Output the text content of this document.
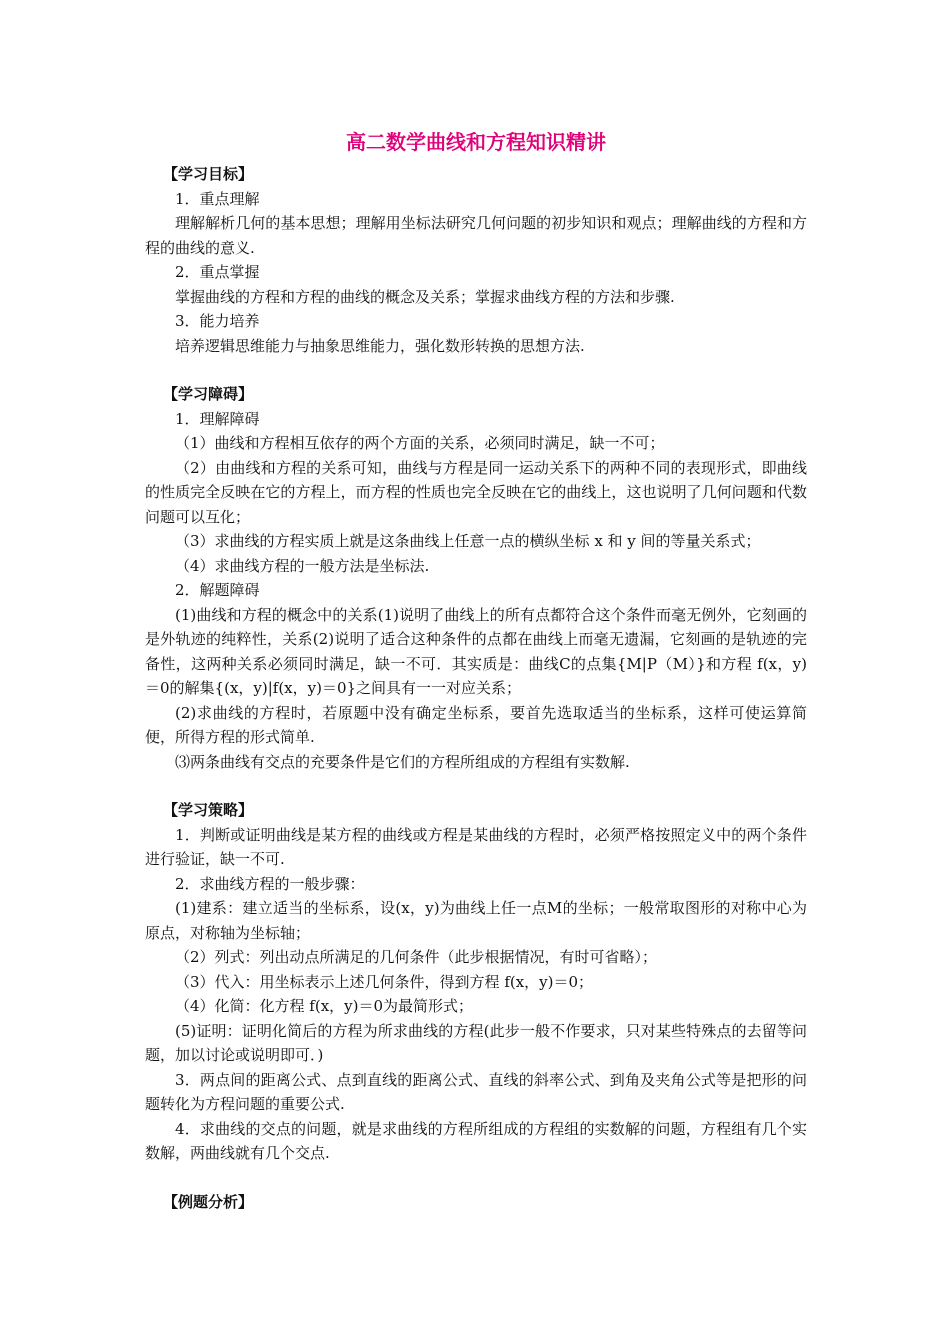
高二数学曲线和方程知识精讲
【学习目标】
1．重点理解
理解解析几何的基本思想；理解用坐标法研究几何问题的初步知识和观点；理解曲线的方程和方程的曲线的意义.
2．重点掌握
掌握曲线的方程和方程的曲线的概念及关系；掌握求曲线方程的方法和步骤.
3．能力培养
培养逻辑思维能力与抽象思维能力，强化数形转换的思想方法.
【学习障碍】
1．理解障碍
（1）曲线和方程相互依存的两个方面的关系，必须同时满足，缺一不可；
（2）由曲线和方程的关系可知，曲线与方程是同一运动关系下的两种不同的表现形式，即曲线的性质完全反映在它的方程上，而方程的性质也完全反映在它的曲线上，这也说明了几何问题和代数问题可以互化；
（3）求曲线的方程实质上就是这条曲线上任意一点的横纵坐标 x 和 y 间的等量关系式；
（4）求曲线方程的一般方法是坐标法.
2．解题障碍
(1)曲线和方程的概念中的关系(1)说明了曲线上的所有点都符合这个条件而毫无例外，它刻画的是外轨迹的纯粹性，关系(2)说明了适合这种条件的点都在曲线上而毫无遗漏，它刻画的是轨迹的完备性，这两种关系必须同时满足，缺一不可．其实质是：曲线C的点集{M|P（M）}和方程 f(x，y)＝0的解集{(x，y)|f(x，y)＝0}之间具有一一对应关系；
(2)求曲线的方程时，若原题中没有确定坐标系，要首先选取适当的坐标系，这样可使运算简便，所得方程的形式简单.
⑶两条曲线有交点的充要条件是它们的方程所组成的方程组有实数解.
【学习策略】
1．判断或证明曲线是某方程的曲线或方程是某曲线的方程时，必须严格按照定义中的两个条件进行验证，缺一不可.
2．求曲线方程的一般步骤：
(1)建系：建立适当的坐标系，设(x，y)为曲线上任一点M的坐标；一般常取图形的对称中心为原点，对称轴为坐标轴；
（2）列式：列出动点所满足的几何条件（此步根据情况，有时可省略）；
（3）代入：用坐标表示上述几何条件，得到方程 f(x，y)＝0；
（4）化简：化方程 f(x，y)＝0为最简形式；
(5)证明：证明化简后的方程为所求曲线的方程(此步一般不作要求，只对某些特殊点的去留等问题，加以讨论或说明即可．)
3．两点间的距离公式、点到直线的距离公式、直线的斜率公式、到角及夹角公式等是把形的问题转化为方程问题的重要公式.
4．求曲线的交点的问题，就是求曲线的方程所组成的方程组的实数解的问题，方程组有几个实数解，两曲线就有几个交点.
【例题分析】
